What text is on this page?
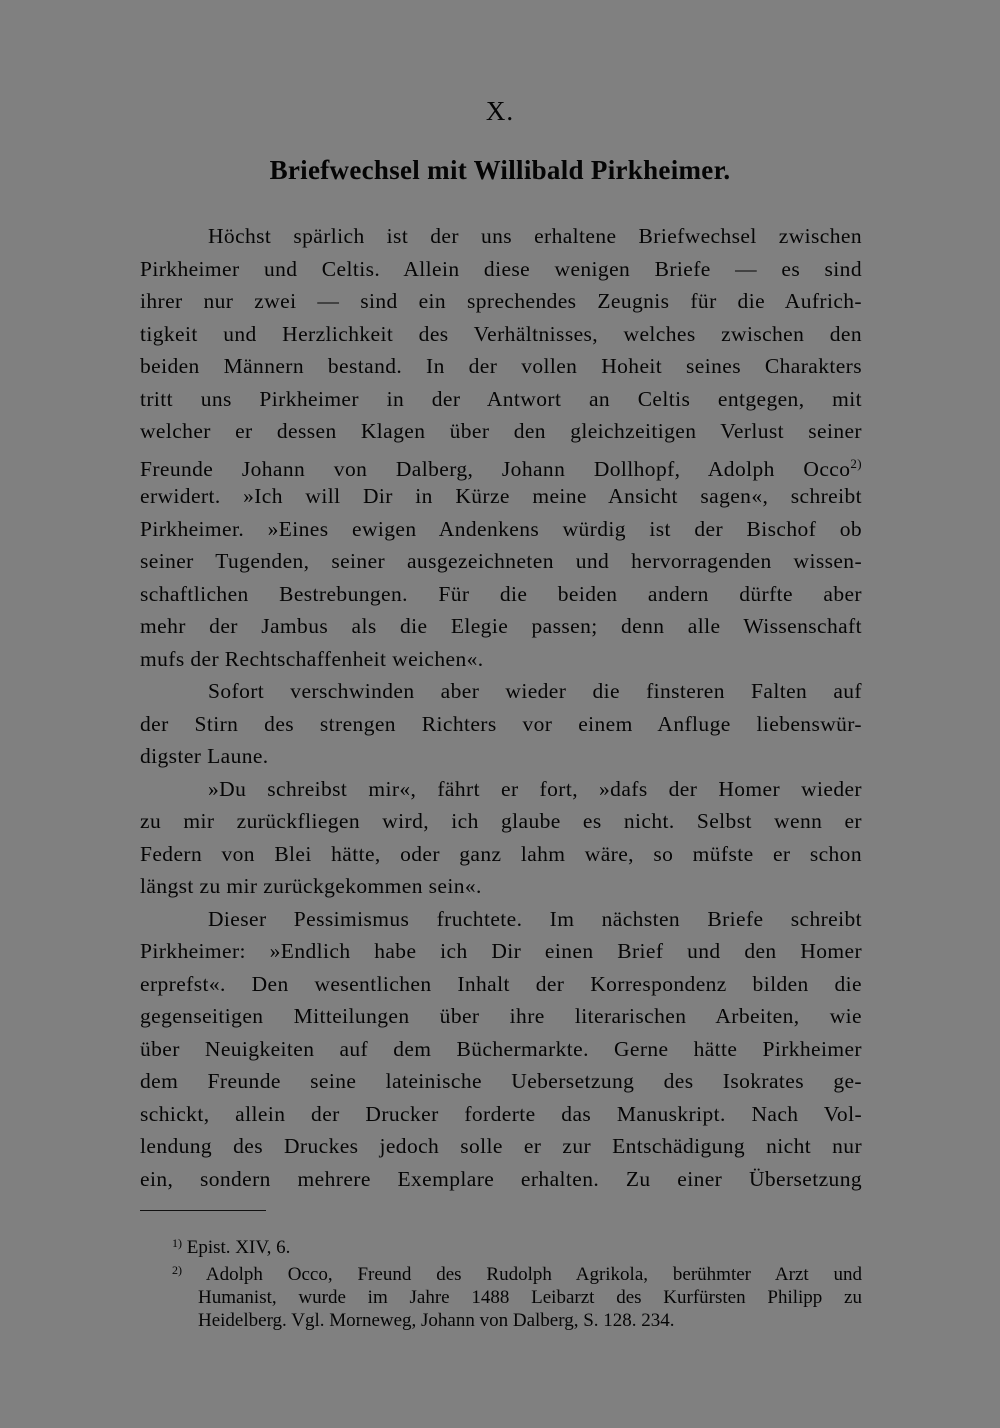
X.
Briefwechsel mit Willibald Pirkheimer.
Höchst spärlich ist der uns erhaltene Briefwechsel zwischen
Pirkheimer und Celtis. Allein diese wenigen Briefe — es sind
ihrer nur zwei — sind ein sprechendes Zeugnis für die Aufrich-
tigkeit und Herzlichkeit des Verhältnisses, welches zwischen den
beiden Männern bestand. In der vollen Hoheit seines Charakters
tritt uns Pirkheimer in der Antwort an Celtis entgegen, mit
welcher er dessen Klagen über den gleichzeitigen Verlust seiner
Freunde Johann von Dalberg, Johann Dollhopf, Adolph Occo$^{2)}$
erwidert. »Ich will Dir in Kürze meine Ansicht sagen«, schreibt
Pirkheimer. »Eines ewigen Andenkens würdig ist der Bischof ob
seiner Tugenden, seiner ausgezeichneten und hervorragenden wissen-
schaftlichen Bestrebungen. Für die beiden andern dürfte aber
mehr der Jambus als die Elegie passen; denn alle Wissenschaft
mufs der Rechtschaffenheit weichen«.
Sofort verschwinden aber wieder die finsteren Falten auf
der Stirn des strengen Richters vor einem Anfluge liebenswür-
digster Laune.
»Du schreibst mir«, fährt er fort, »dafs der Homer wieder
zu mir zurückfliegen wird, ich glaube es nicht. Selbst wenn er
Federn von Blei hätte, oder ganz lahm wäre, so müfste er schon
längst zu mir zurückgekommen sein«.
Dieser Pessimismus fruchtete. Im nächsten Briefe schreibt
Pirkheimer: »Endlich habe ich Dir einen Brief und den Homer
erprefst«. Den wesentlichen Inhalt der Korrespondenz bilden die
gegenseitigen Mitteilungen über ihre literarischen Arbeiten, wie
über Neuigkeiten auf dem Büchermarkte. Gerne hätte Pirkheimer
dem Freunde seine lateinische Uebersetzung des Isokrates ge-
schickt, allein der Drucker forderte das Manuskript. Nach Vol-
lendung des Druckes jedoch solle er zur Entschädigung nicht nur
ein, sondern mehrere Exemplare erhalten. Zu einer Übersetzung
$^{1)}$ Epist. XIV, 6.
$^{2)}$ Adolph Occo, Freund des Rudolph Agrikola, berühmter Arzt und
Humanist, wurde im Jahre 1488 Leibarzt des Kurfürsten Philipp zu
Heidelberg. Vgl. Morneweg, Johann von Dalberg, S. 128. 234.
